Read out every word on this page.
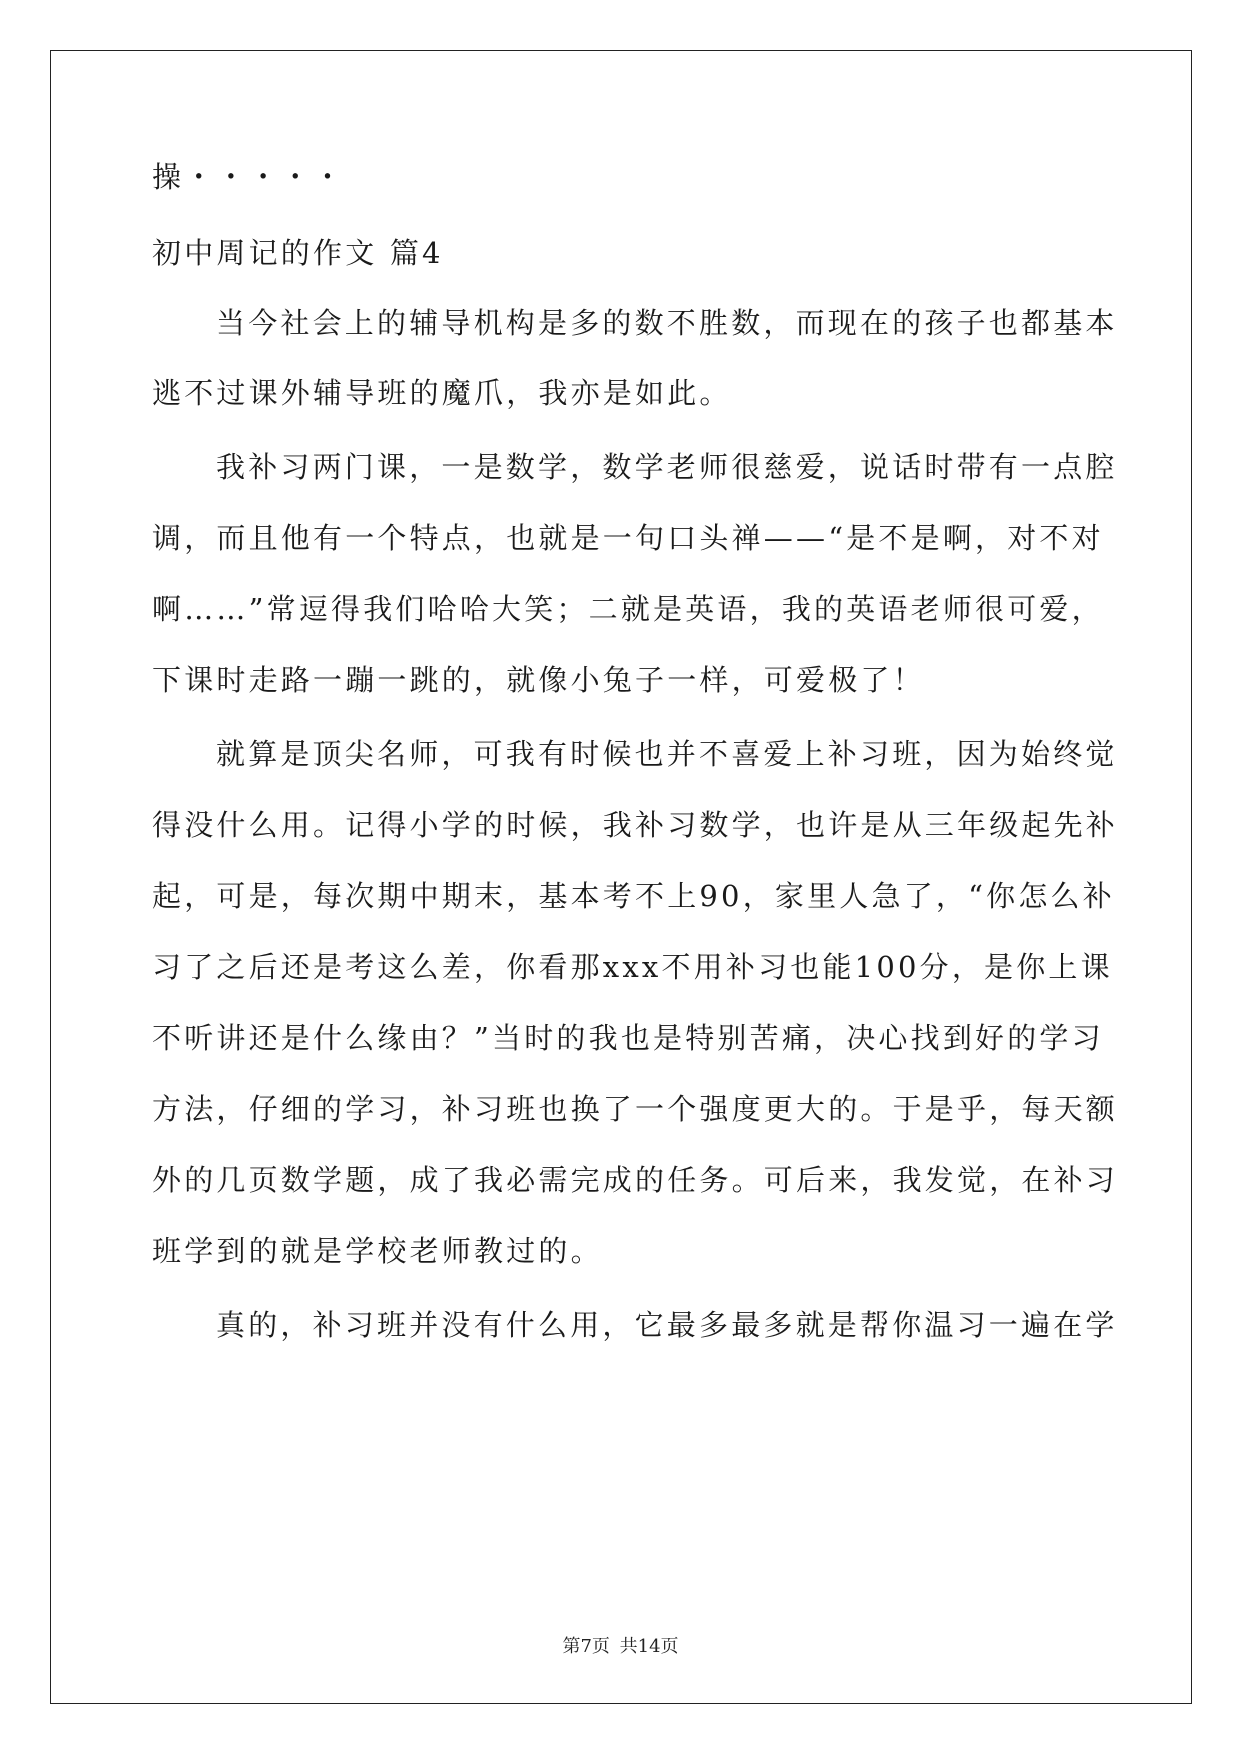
操・・・・・
初中周记的作文 篇4
当今社会上的辅导机构是多的数不胜数，而现在的孩子也都基本
逃不过课外辅导班的魔爪，我亦是如此。
我补习两门课，一是数学，数学老师很慈爱，说话时带有一点腔
调，而且他有一个特点，也就是一句口头禅——“是不是啊，对不对
啊……”常逗得我们哈哈大笑；二就是英语，我的英语老师很可爱，
下课时走路一蹦一跳的，就像小兔子一样，可爱极了！
就算是顶尖名师，可我有时候也并不喜爱上补习班，因为始终觉
得没什么用。记得小学的时候，我补习数学，也许是从三年级起先补
起，可是，每次期中期末，基本考不上90，家里人急了，“你怎么补
习了之后还是考这么差，你看那xxx不用补习也能100分，是你上课
不听讲还是什么缘由？”当时的我也是特别苦痛，决心找到好的学习
方法，仔细的学习，补习班也换了一个强度更大的。于是乎，每天额
外的几页数学题，成了我必需完成的任务。可后来，我发觉，在补习
班学到的就是学校老师教过的。
真的，补习班并没有什么用，它最多最多就是帮你温习一遍在学
第7页 共14页
